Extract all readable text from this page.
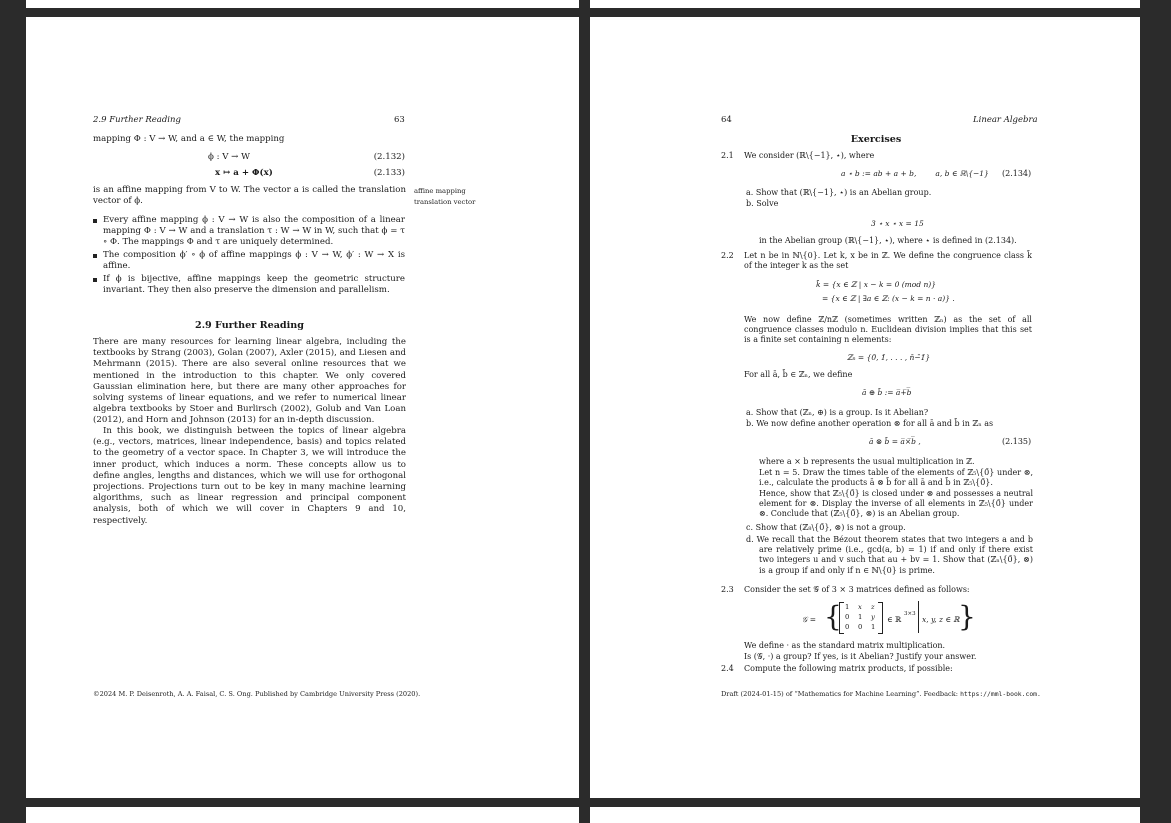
2.9 Further Reading	63
mapping Φ : V → W, and a ∈ W, the mapping
ϕ : V → W	(2.132)
x ↦ a + Φ(x)	(2.133)
is an affine mapping from V to W. The vector a is called the translation vector of ϕ.
affine mapping
translation vector
Every affine mapping ϕ : V → W is also the composition of a linear mapping Φ : V → W and a translation τ : W → W in W, such that ϕ = τ ∘ Φ. The mappings Φ and τ are uniquely determined.
The composition ϕ′ ∘ ϕ of affine mappings ϕ : V → W, ϕ′ : W → X is affine.
If ϕ is bijective, affine mappings keep the geometric structure invariant. They then also preserve the dimension and parallelism.
2.9 Further Reading
There are many resources for learning linear algebra, including the textbooks by Strang (2003), Golan (2007), Axler (2015), and Liesen and Mehrmann (2015). There are also several online resources that we mentioned in the introduction to this chapter. We only covered Gaussian elimination here, but there are many other approaches for solving systems of linear equations, and we refer to numerical linear algebra textbooks by Stoer and Burlirsch (2002), Golub and Van Loan (2012), and Horn and Johnson (2013) for an in-depth discussion.
In this book, we distinguish between the topics of linear algebra (e.g., vectors, matrices, linear independence, basis) and topics related to the geometry of a vector space. In Chapter 3, we will introduce the inner product, which induces a norm. These concepts allow us to define angles, lengths and distances, which we will use for orthogonal projections. Projections turn out to be key in many machine learning algorithms, such as linear regression and principal component analysis, both of which we will cover in Chapters 9 and 10, respectively.
©2024 M. P. Deisenroth, A. A. Faisal, C. S. Ong. Published by Cambridge University Press (2020).
64	Linear Algebra
Exercises
2.1 We consider (ℝ\{−1}, ⋆), where
a ⋆ b := ab + a + b,        a, b ∈ ℝ\{−1} (2.134)
a. Show that (ℝ\{−1}, ⋆) is an Abelian group.
b. Solve
3 ⋆ x ⋆ x = 15
in the Abelian group (ℝ\{−1}, ⋆), where ⋆ is defined in (2.134).
2.2 Let n be in ℕ\{0}. Let k, x be in ℤ. We define the congruence class k̄ of the integer k as the set
k̄ = {x ∈ ℤ | x − k = 0 (mod n)}
= {x ∈ ℤ | ∃a ∈ ℤ: (x − k = n · a)} .
We now define ℤ/nℤ (sometimes written ℤₙ) as the set of all congruence classes modulo n. Euclidean division implies that this set is a finite set containing n elements:
ℤₙ = {0̄, 1̄, . . . , n̄−̄1̄}
For all ā, b̄ ∈ ℤₙ, we define
ā ⊕ b̄ := a̅+̅b̅
a. Show that (ℤₙ, ⊕) is a group. Is it Abelian?
b. We now define another operation ⊗ for all ā and b̄ in ℤₙ as
ā ⊗ b̄ = a̅×̅b̅ ,	(2.135)
where a × b represents the usual multiplication in ℤ.
Let n = 5. Draw the times table of the elements of ℤ₅\{0̄} under ⊗, i.e., calculate the products ā ⊗ b̄ for all ā and b̄ in ℤ₅\{0̄}.
Hence, show that ℤ₅\{0̄} is closed under ⊗ and possesses a neutral element for ⊗. Display the inverse of all elements in ℤ₅\{0̄} under ⊗. Conclude that (ℤ₅\{0̄}, ⊗) is an Abelian group.
c. Show that (ℤ₈\{0̄}, ⊗) is not a group.
d. We recall that the Bézout theorem states that two integers a and b are relatively prime (i.e., gcd(a, b) = 1) if and only if there exist two integers u and v such that au + bv = 1. Show that (ℤₙ\{0̄}, ⊗) is a group if and only if n ∈ ℕ\{0} is prime.
2.3 Consider the set 𝒢 of 3 × 3 matrices defined as follows:
𝒢 = { 1 x z
0 1 y
0 0 1
∈ ℝ
3×3
x, y, z ∈ ℝ
}
We define · as the standard matrix multiplication.
Is (𝒢, ·) a group? If yes, is it Abelian? Justify your answer.
2.4 Compute the following matrix products, if possible:
Draft (2024-01-15) of “Mathematics for Machine Learning”. Feedback: https://mml-book.com.
